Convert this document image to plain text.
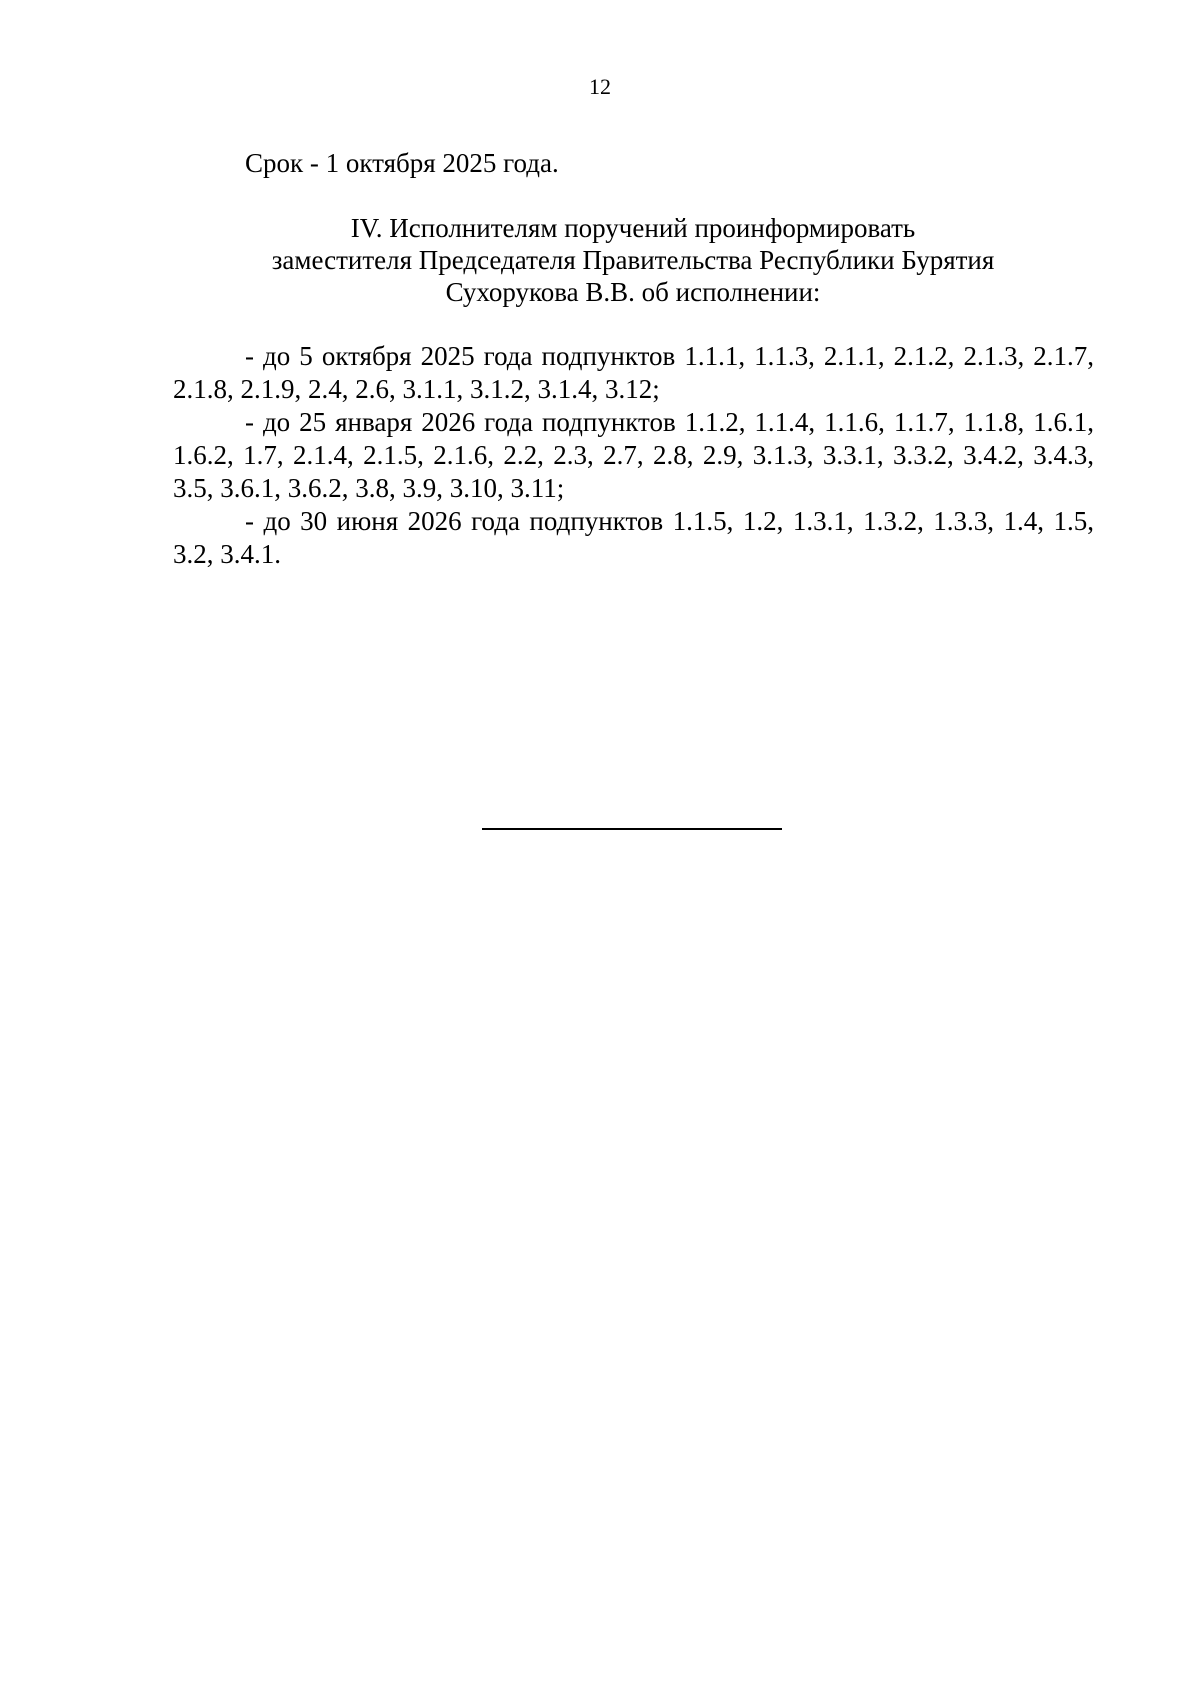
12
Срок - 1 октября 2025 года.
IV. Исполнителям поручений проинформировать
заместителя Председателя Правительства Республики Бурятия
Сухорукова В.В. об исполнении:

- до 5 октября 2025 года подпунктов 1.1.1, 1.1.3, 2.1.1, 2.1.2, 2.1.3, 2.1.7, 2.1.8, 2.1.9, 2.4, 2.6, 3.1.1, 3.1.2, 3.1.4, 3.12;

- до 25 января 2026 года подпунктов 1.1.2, 1.1.4, 1.1.6, 1.1.7, 1.1.8, 1.6.1, 1.6.2, 1.7, 2.1.4, 2.1.5, 2.1.6, 2.2, 2.3, 2.7, 2.8, 2.9, 3.1.3, 3.3.1, 3.3.2, 3.4.2, 3.4.3, 3.5, 3.6.1, 3.6.2, 3.8, 3.9, 3.10, 3.11;

- до 30 июня 2026 года подпунктов 1.1.5, 1.2, 1.3.1, 1.3.2, 1.3.3, 1.4, 1.5, 3.2, 3.4.1.
